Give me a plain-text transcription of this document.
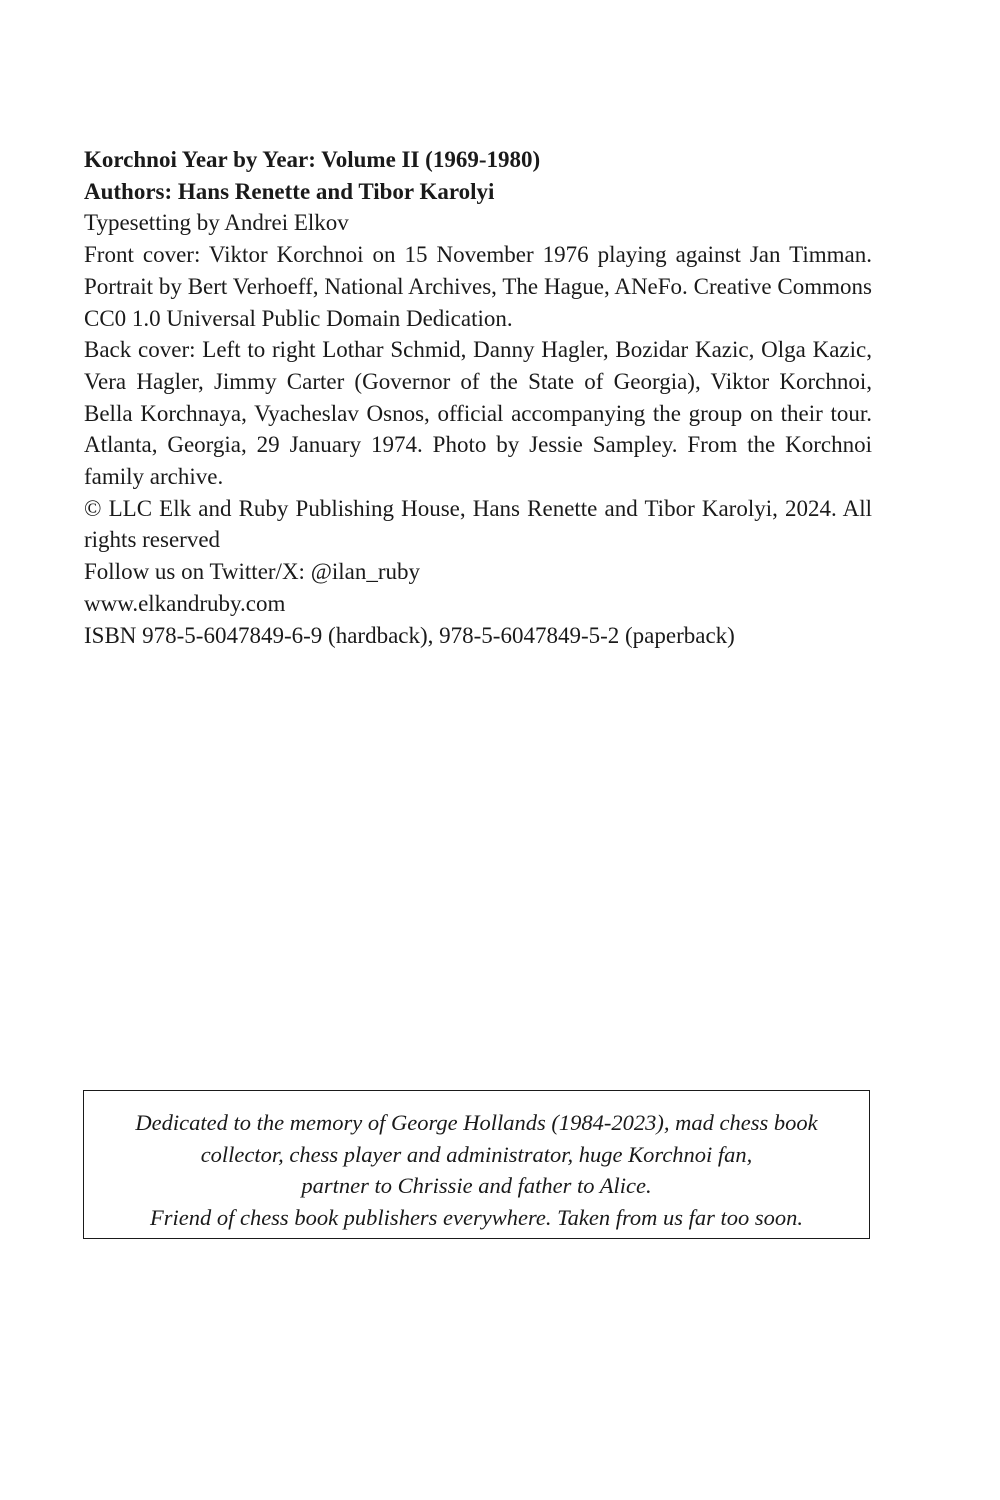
Korchnoi Year by Year: Volume II (1969-1980)

Authors: Hans Renette and Tibor Karolyi

Typesetting by Andrei Elkov

Front cover: Viktor Korchnoi on 15 November 1976 playing against Jan Timman. Portrait by Bert Verhoeff, National Archives, The Hague, ANeFo. Creative Commons CC0 1.0 Universal Public Domain Dedication.

Back cover: Left to right Lothar Schmid, Danny Hagler, Bozidar Kazic, Olga Kazic, Vera Hagler, Jimmy Carter (Governor of the State of Georgia), Viktor Korchnoi, Bella Korchnaya, Vyacheslav Osnos, official accompanying the group on their tour. Atlanta, Georgia, 29 January 1974. Photo by Jessie Sampley. From the Korchnoi family archive.

© LLC Elk and Ruby Publishing House, Hans Renette and Tibor Karolyi, 2024. All rights reserved

Follow us on Twitter/X: @ilan_ruby

www.elkandruby.com

ISBN 978-5-6047849-6-9 (hardback), 978-5-6047849-5-2 (paperback)

Dedicated to the memory of George Hollands (1984-2023), mad chess book

collector, chess player and administrator, huge Korchnoi fan,

partner to Chrissie and father to Alice.

Friend of chess book publishers everywhere. Taken from us far too soon.
